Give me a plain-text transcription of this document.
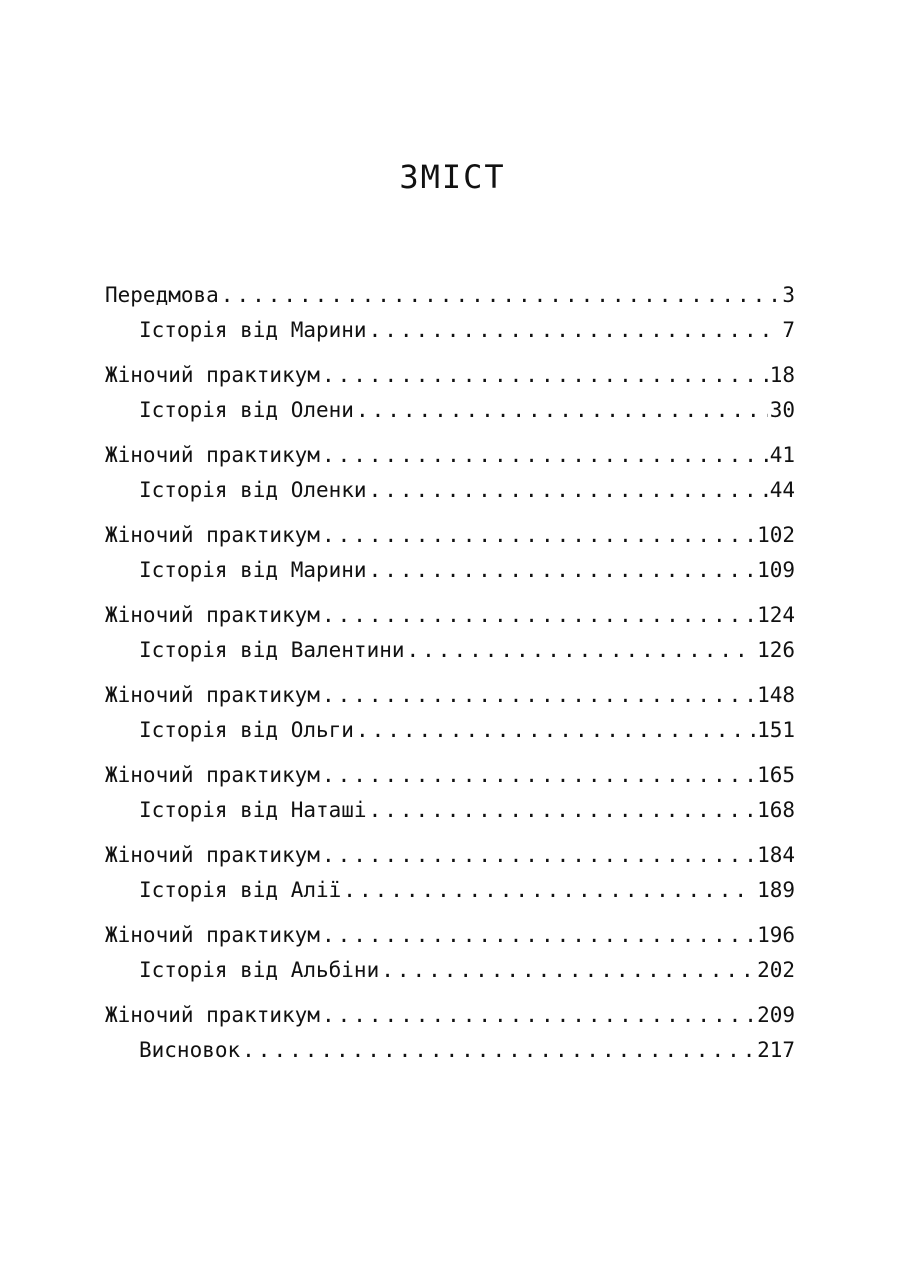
ЗМІСТ
Передмова .....	3
Історія від Марини .....	7
Жіночий практикум .....	18
Історія від Олени .....	30
Жіночий практикум .....	41
Історія від Оленки .....	44
Жіночий практикум .....	102
Історія від Марини .....	109
Жіночий практикум .....	124
Історія від Валентини .....	126
Жіночий практикум .....	148
Історія від Ольги .....	151
Жіночий практикум .....	165
Історія від Наташі .....	168
Жіночий практикум .....	184
Історія від Алії .....	189
Жіночий практикум .....	196
Історія від Альбіни .....	202
Жіночий практикум .....	209
Висновок .....	217
